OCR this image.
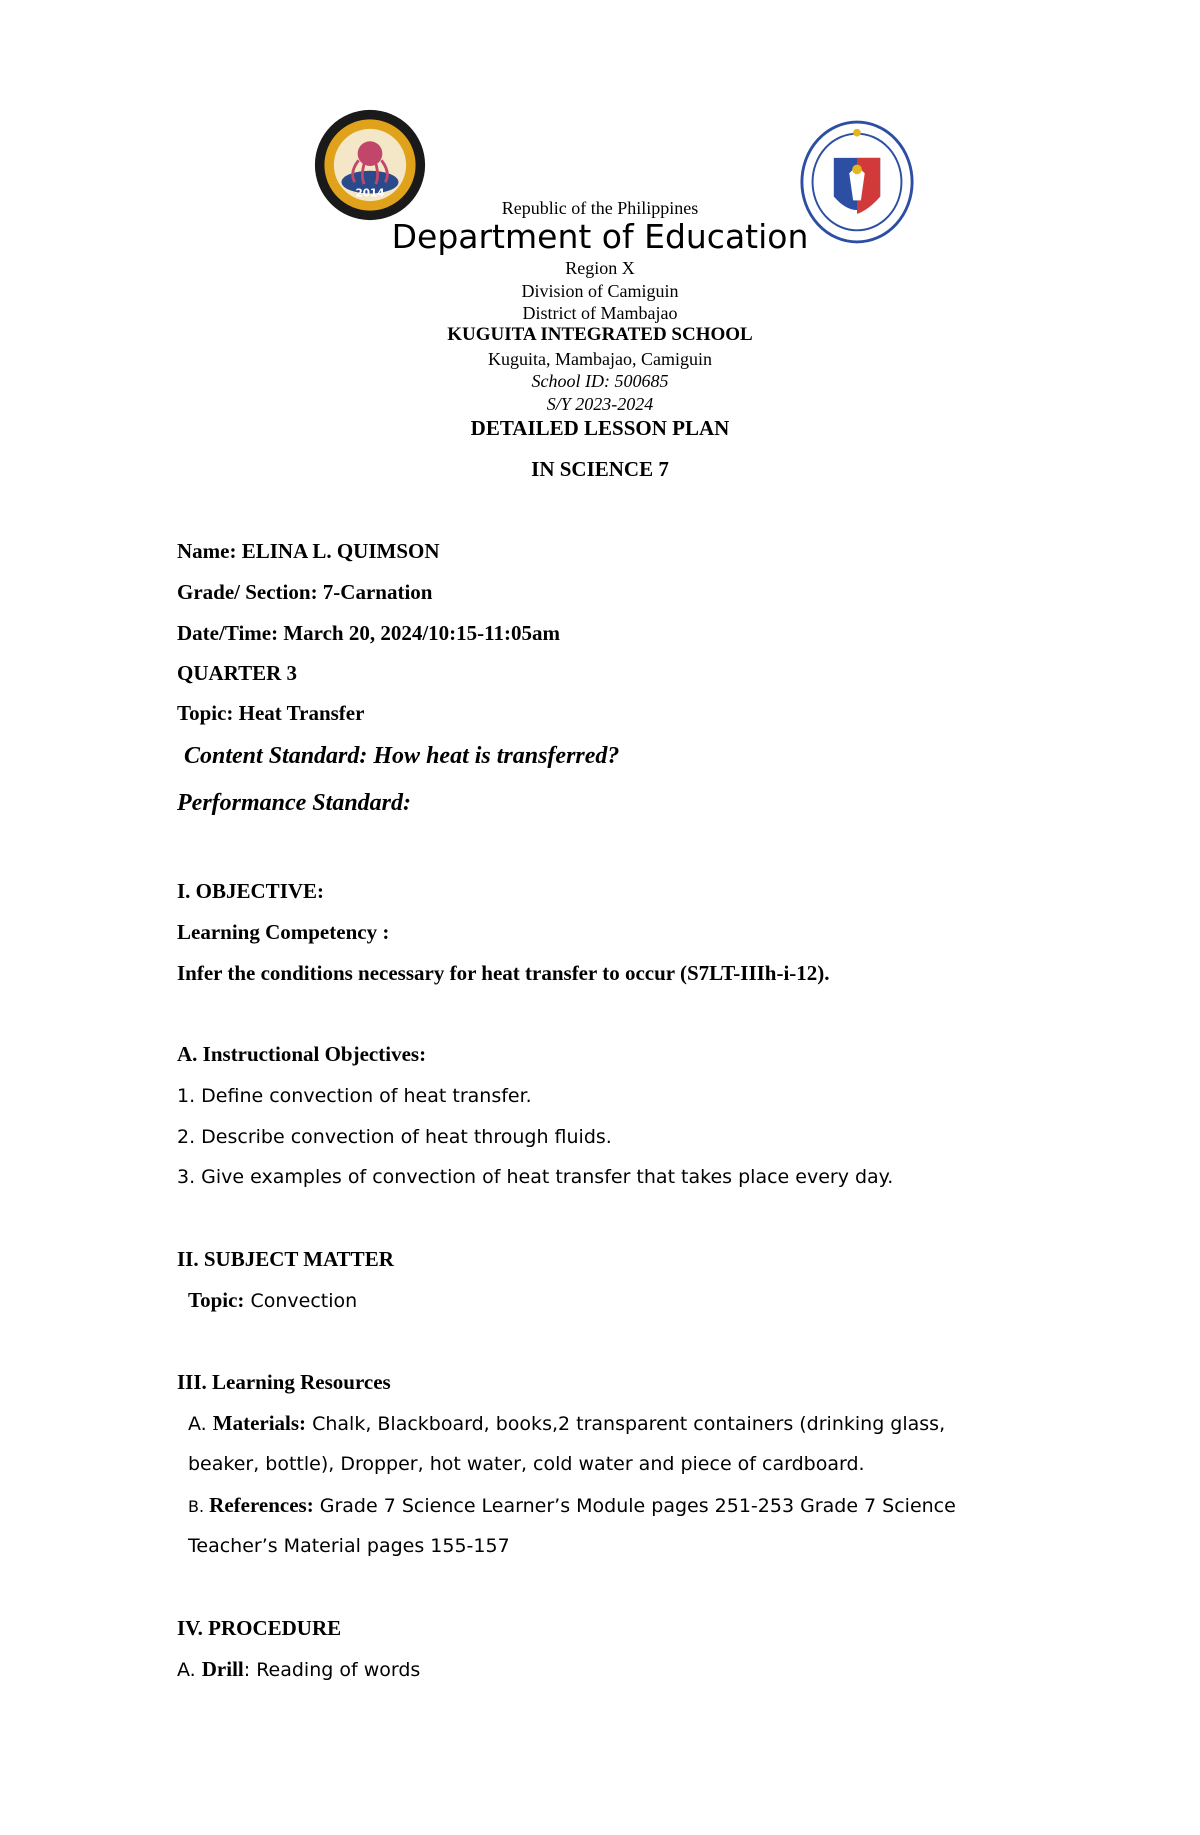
2014
Republic of the Philippines
Department of Education
Region X
Division of Camiguin
District of Mambajao
KUGUITA INTEGRATED SCHOOL
Kuguita, Mambajao, Camiguin
School ID: 500685
S/Y 2023-2024
DETAILED LESSON PLAN
IN SCIENCE 7
Name: ELINA L. QUIMSON
Grade/ Section: 7-Carnation
Date/Time: March 20, 2024/10:15-11:05am
QUARTER 3
Topic: Heat Transfer
Content Standard: How heat is transferred?
Performance Standard:
I. OBJECTIVE:
Learning Competency :
Infer the conditions necessary for heat transfer to occur (S7LT-IIIh-i-12).
A. Instructional Objectives:
1. Define convection of heat transfer.
2. Describe convection of heat through fluids.
3. Give examples of convection of heat transfer that takes place every day.
II. SUBJECT MATTER
Topic: Convection
III. Learning Resources
A. Materials: Chalk, Blackboard, books,2 transparent containers (drinking glass,
beaker, bottle), Dropper, hot water, cold water and piece of cardboard.
B. References: Grade 7 Science Learner’s Module pages 251-253 Grade 7 Science
Teacher’s Material pages 155-157
IV. PROCEDURE
A. Drill: Reading of words
